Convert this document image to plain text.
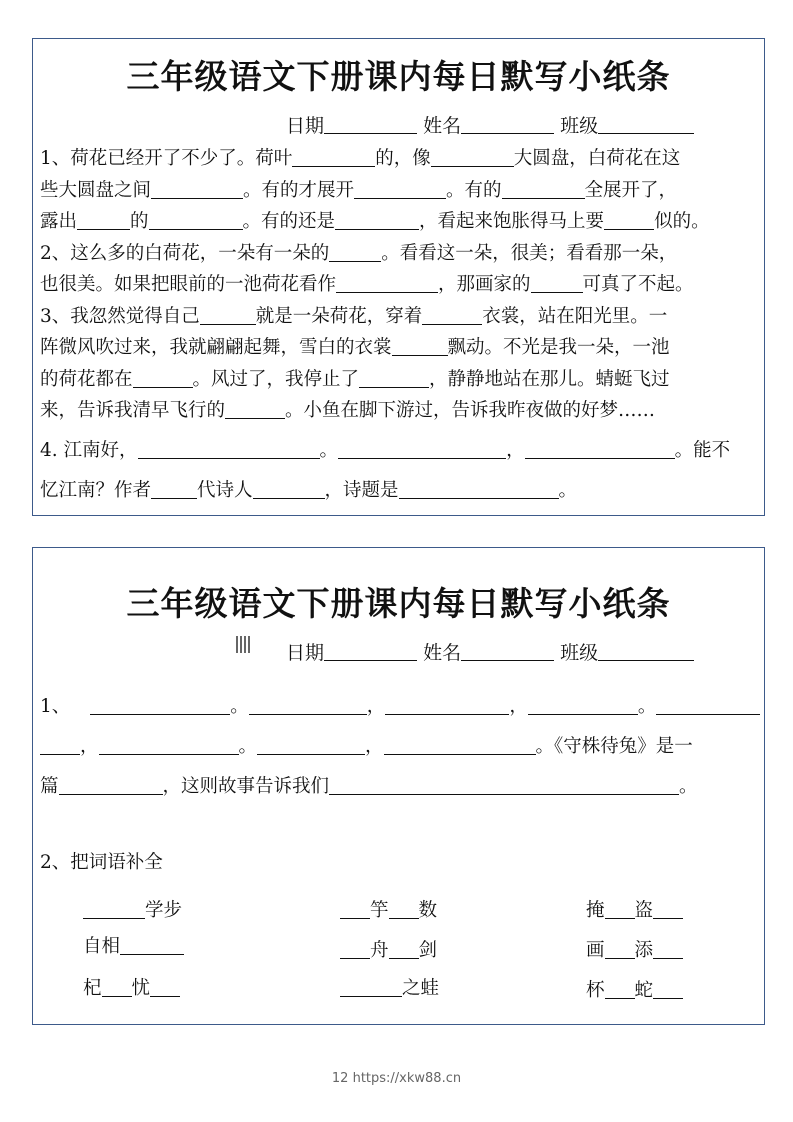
三年级语文下册课内每日默写小纸条
日期	姓名	班级
1、荷花已经开了不少了。荷叶	的，像	大圆盘，白荷花在这
些大圆盘之间	。有的才展开	。有的	全展开了，
露出	的	。有的还是	，看起来饱胀得马上要	似的。
2、这么多的白荷花，一朵有一朵的	。看看这一朵，很美；看看那一朵，
也很美。如果把眼前的一池荷花看作	，那画家的	可真了不起。
3、我忽然觉得自己	就是一朵荷花，穿着	衣裳，站在阳光里。一
阵微风吹过来，我就翩翩起舞，雪白的衣裳	飘动。不光是我一朵，一池
的荷花都在	。风过了，我停止了	，静静地站在那儿。蜻蜓飞过
来，告诉我清早飞行的	。小鱼在脚下游过，告诉我昨夜做的好梦……
4. 江南好，	。	，	。能不
忆江南？作者 代诗人	，诗题是	。
三年级语文下册课内每日默写小纸条
日期	姓名	班级
1、	。	，	，	。
，	。	，	。《守株待兔》是一
篇	，这则故事告诉我们	。
2、把词语补全
学步	竽 数	掩 盗
自相	舟 剑	画 添
杞 忧	之蛙	杯 蛇
12 https://xkw88.cn
